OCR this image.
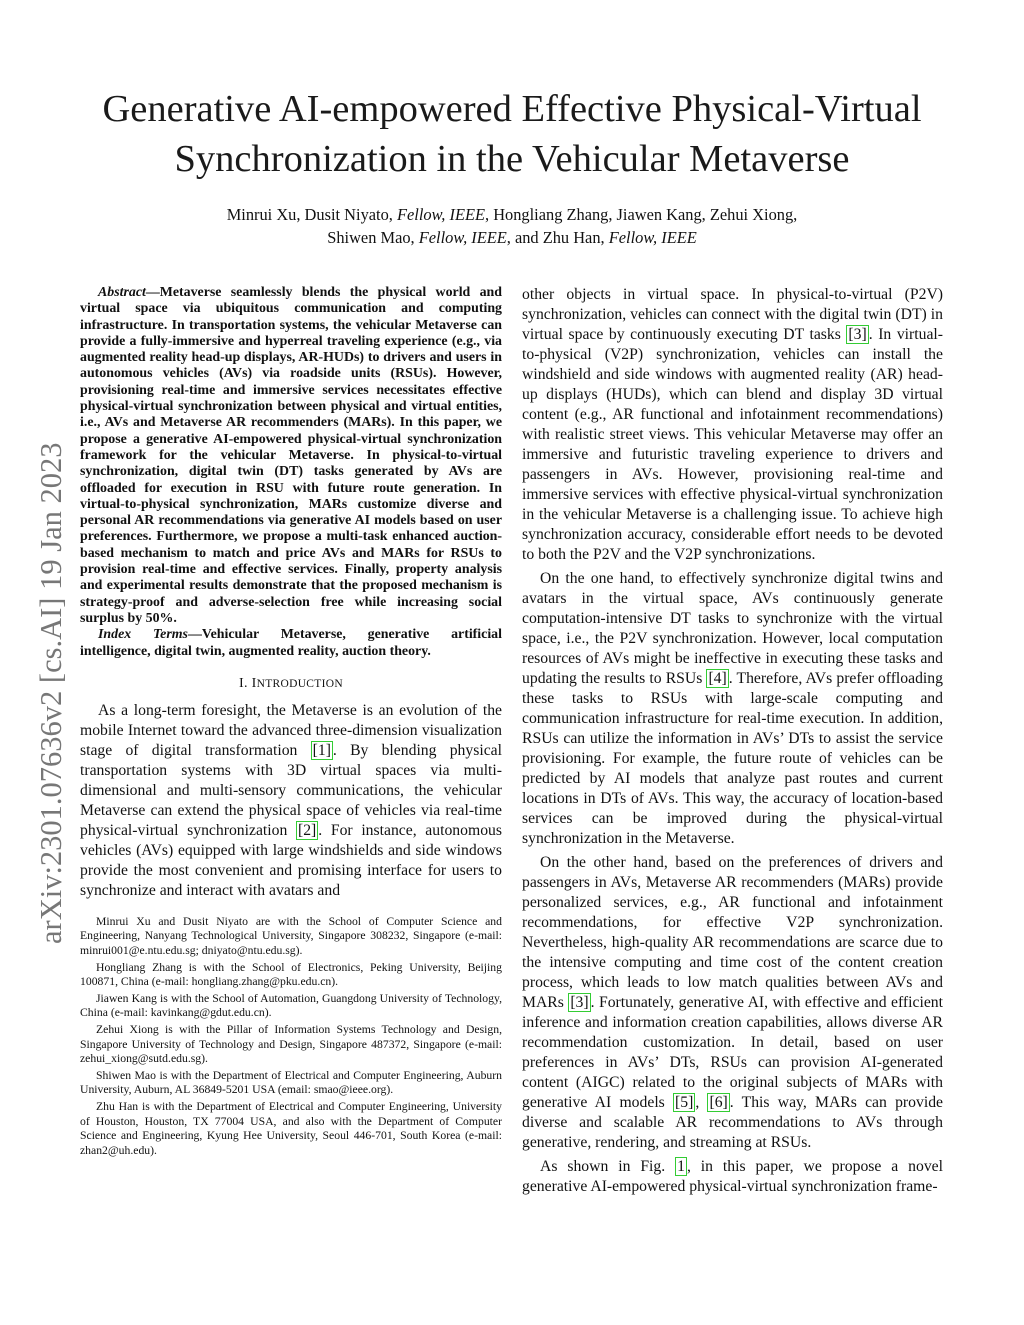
Generative AI-empowered Effective Physical-Virtual
Synchronization in the Vehicular Metaverse
Minrui Xu, Dusit Niyato, Fellow, IEEE, Hongliang Zhang, Jiawen Kang, Zehui Xiong,
Shiwen Mao, Fellow, IEEE, and Zhu Han, Fellow, IEEE
arXiv:2301.07636v2 [cs.AI] 19 Jan 2023

Abstract—Metaverse seamlessly blends the physical world and virtual space via ubiquitous communication and computing infrastructure. In transportation systems, the vehicular Metaverse can provide a fully-immersive and hyperreal traveling experience (e.g., via augmented reality head-up displays, AR-HUDs) to drivers and users in autonomous vehicles (AVs) via roadside units (RSUs). However, provisioning real-time and immersive services necessitates effective physical-virtual synchronization between physical and virtual entities, i.e., AVs and Metaverse AR recommenders (MARs). In this paper, we propose a generative AI-empowered physical-virtual synchronization framework for the vehicular Metaverse. In physical-to-virtual synchronization, digital twin (DT) tasks generated by AVs are offloaded for execution in RSU with future route generation. In virtual-to-physical synchronization, MARs customize diverse and personal AR recommendations via generative AI models based on user preferences. Furthermore, we propose a multi-task enhanced auction-based mechanism to match and price AVs and MARs for RSUs to provision real-time and effective services. Finally, property analysis and experimental results demonstrate that the proposed mechanism is strategy-proof and adverse-selection free while increasing social surplus by 50%.

Index Terms—Vehicular Metaverse, generative artificial intelligence, digital twin, augmented reality, auction theory.

I. INTRODUCTION

As a long-term foresight, the Metaverse is an evolution of the mobile Internet toward the advanced three-dimension visualization stage of digital transformation [1] . By blending physical transportation systems with 3D virtual spaces via multi-dimensional and multi-sensory communications, the vehicular Metaverse can extend the physical space of vehicles via real-time physical-virtual synchronization [2] . For instance, autonomous vehicles (AVs) equipped with large windshields and side windows provide the most convenient and promising interface for users to synchronize and interact with avatars and

Minrui Xu and Dusit Niyato are with the School of Computer Science and Engineering, Nanyang Technological University, Singapore 308232, Singapore (e-mail: minrui001@e.ntu.edu.sg; dniyato@ntu.edu.sg).

Hongliang Zhang is with the School of Electronics, Peking University, Beijing 100871, China (e-mail: hongliang.zhang@pku.edu.cn).

Jiawen Kang is with the School of Automation, Guangdong University of Technology, China (e-mail: kavinkang@gdut.edu.cn).

Zehui Xiong is with the Pillar of Information Systems Technology and Design, Singapore University of Technology and Design, Singapore 487372, Singapore (e-mail: zehui_xiong@sutd.edu.sg).

Shiwen Mao is with the Department of Electrical and Computer Engineering, Auburn University, Auburn, AL 36849-5201 USA (email: smao@ieee.org).

Zhu Han is with the Department of Electrical and Computer Engineering, University of Houston, Houston, TX 77004 USA, and also with the Department of Computer Science and Engineering, Kyung Hee University, Seoul 446-701, South Korea (e-mail: zhan2@uh.edu).

other objects in virtual space. In physical-to-virtual (P2V) synchronization, vehicles can connect with the digital twin (DT) in virtual space by continuously executing DT tasks [3] . In virtual-to-physical (V2P) synchronization, vehicles can install the windshield and side windows with augmented reality (AR) head-up displays (HUDs), which can blend and display 3D virtual content (e.g., AR functional and infotainment recommendations) with realistic street views. This vehicular Metaverse may offer an immersive and futuristic traveling experience to drivers and passengers in AVs. However, provisioning real-time and immersive services with effective physical-virtual synchronization in the vehicular Metaverse is a challenging issue. To achieve high synchronization accuracy, considerable effort needs to be devoted to both the P2V and the V2P synchronizations.

On the one hand, to effectively synchronize digital twins and avatars in the virtual space, AVs continuously generate computation-intensive DT tasks to synchronize with the virtual space, i.e., the P2V synchronization. However, local computation resources of AVs might be ineffective in executing these tasks and updating the results to RSUs [4] . Therefore, AVs prefer offloading these tasks to RSUs with large-scale computing and communication infrastructure for real-time execution. In addition, RSUs can utilize the information in AVs’ DTs to assist the service provisioning. For example, the future route of vehicles can be predicted by AI models that analyze past routes and current locations in DTs of AVs. This way, the accuracy of location-based services can be improved during the physical-virtual synchronization in the Metaverse.

On the other hand, based on the preferences of drivers and passengers in AVs, Metaverse AR recommenders (MARs) provide personalized services, e.g., AR functional and infotainment recommendations, for effective V2P synchronization. Nevertheless, high-quality AR recommendations are scarce due to the intensive computing and time cost of the content creation process, which leads to low match qualities between AVs and MARs [3] . Fortunately, generative AI, with effective and efficient inference and information creation capabilities, allows diverse AR recommendation customization. In detail, based on user preferences in AVs’ DTs, RSUs can provision AI-generated content (AIGC) related to the original subjects of MARs with generative AI models [5] , [6] . This way, MARs can provide diverse and scalable AR recommendations to AVs through generative, rendering, and streaming at RSUs.

As shown in Fig. 1 , in this paper, we propose a novel generative AI-empowered physical-virtual synchronization frame-
